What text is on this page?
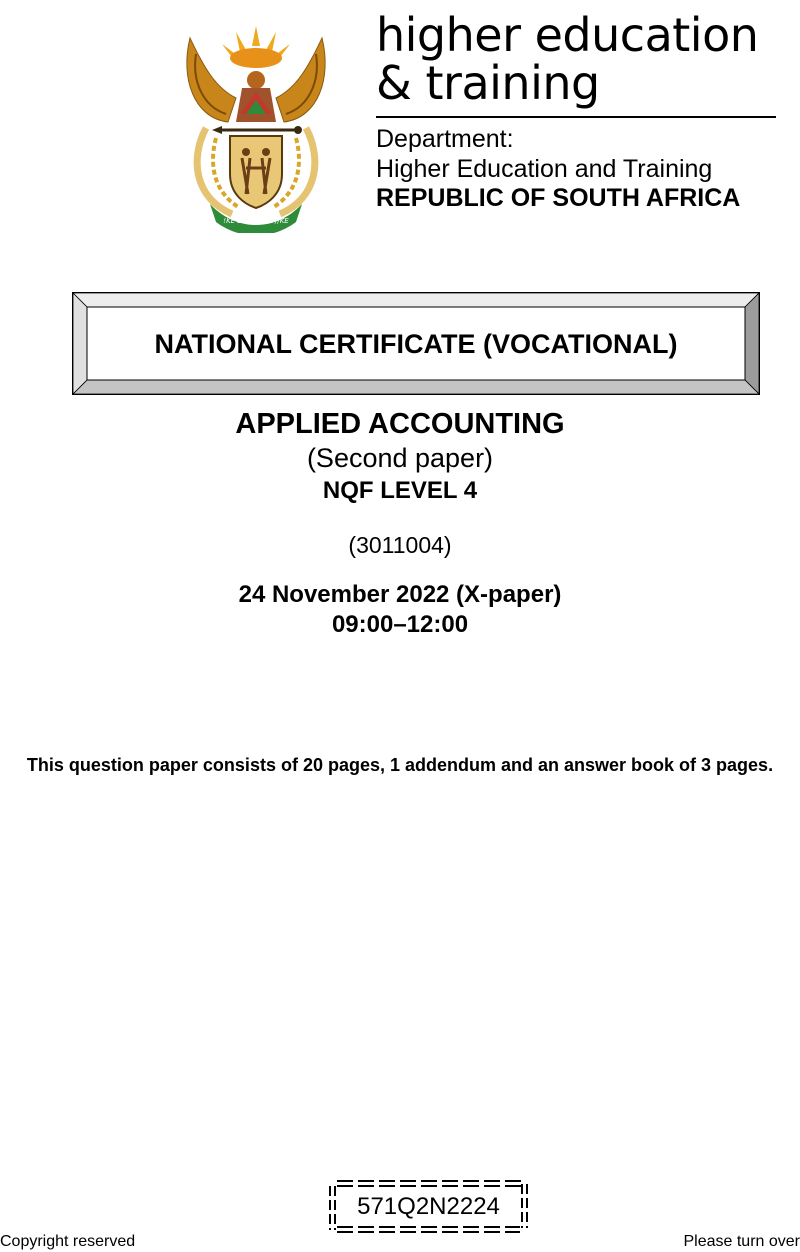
!KE E: /XARRA //KE
higher education
& training
Department:
Higher Education and Training
REPUBLIC OF SOUTH AFRICA
NATIONAL CERTIFICATE (VOCATIONAL)
APPLIED ACCOUNTING
(Second paper)
NQF LEVEL 4
(3011004)
24 November 2022 (X-paper)
09:00–12:00
This question paper consists of 20 pages, 1 addendum and an answer book of 3 pages.
571Q2N2224
Copyright reserved	Please turn over
